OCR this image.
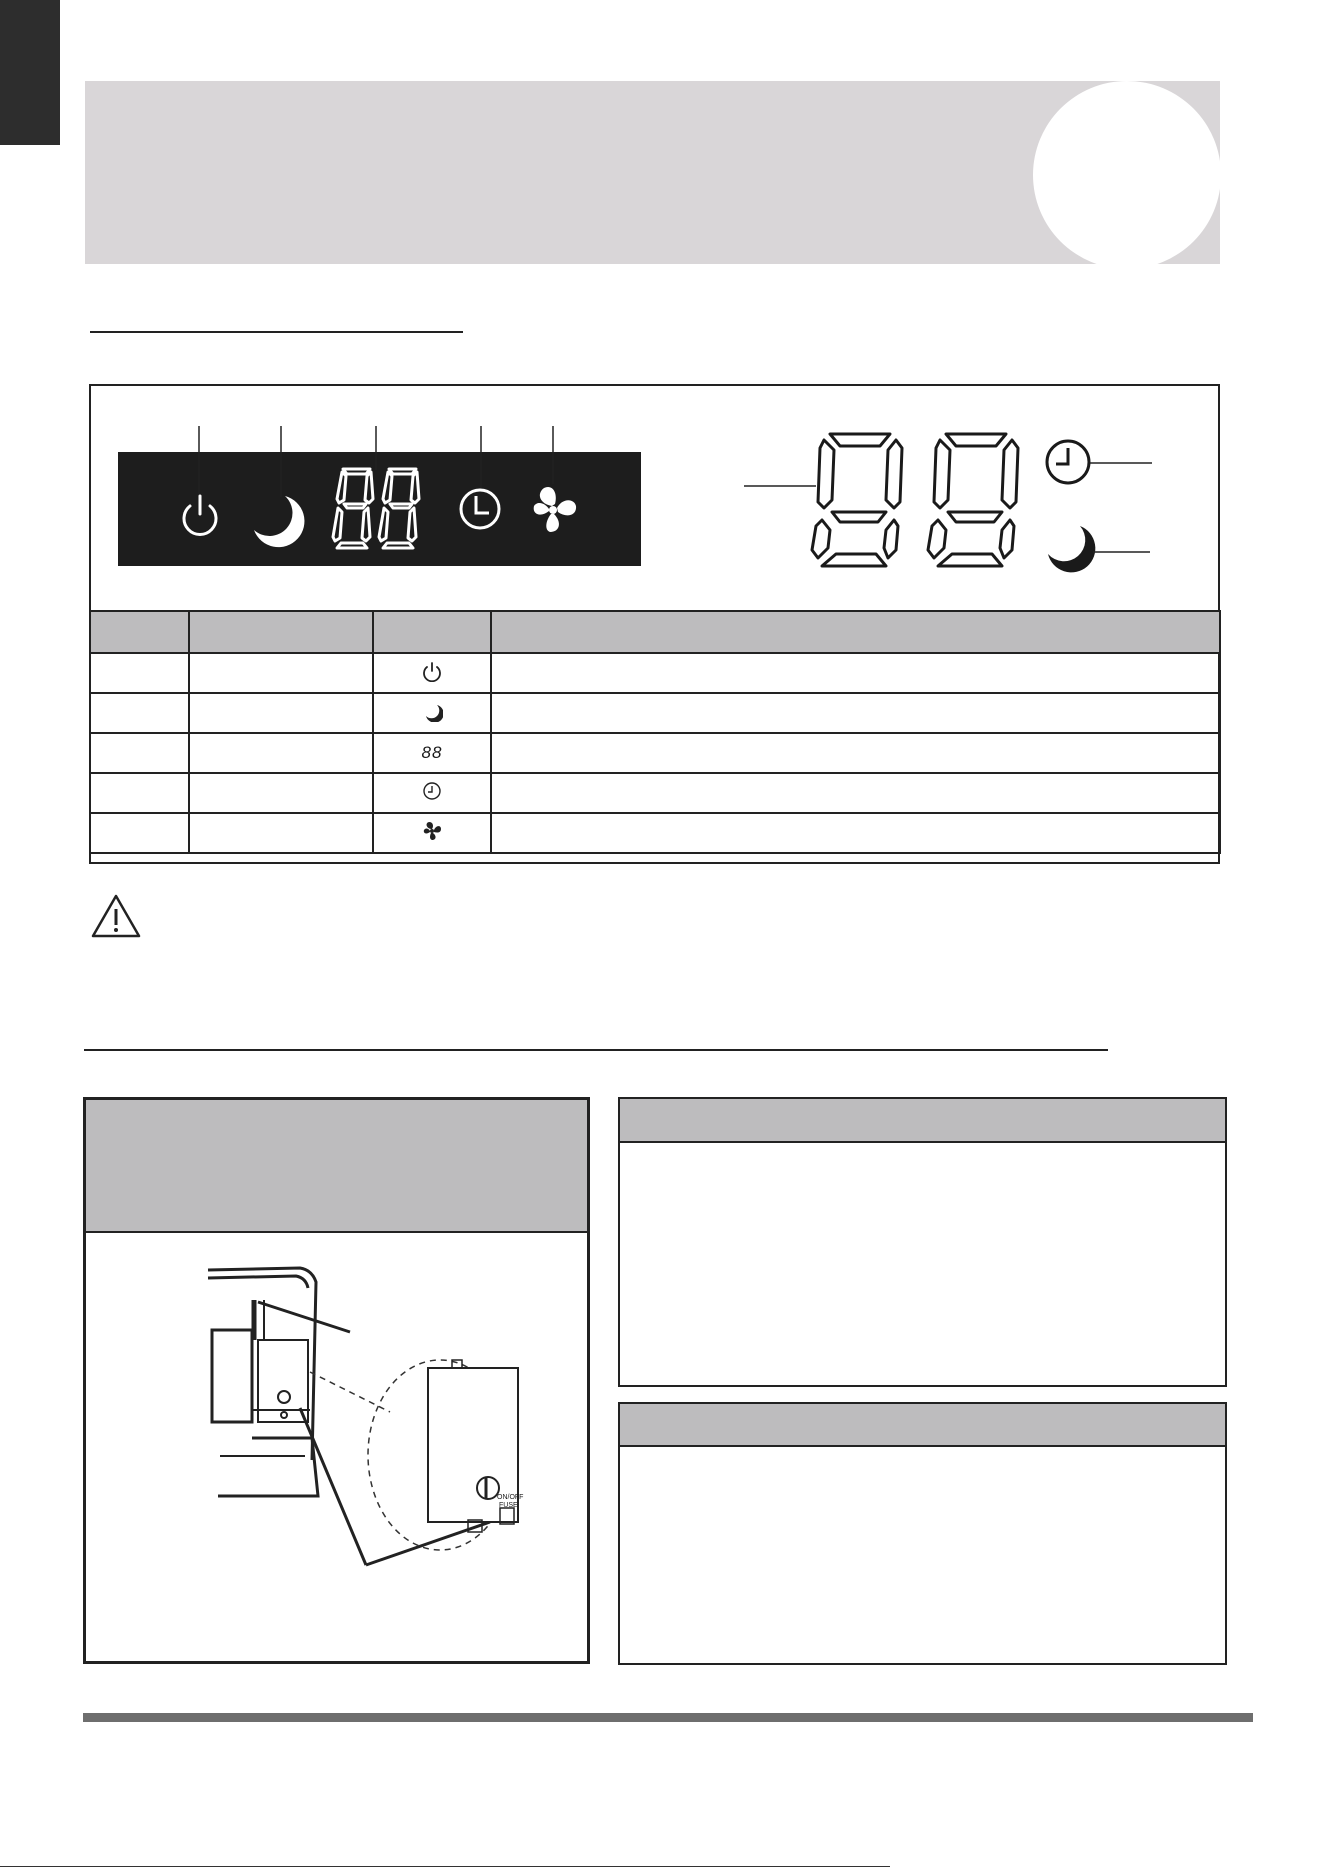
		88	

ON/OFF
FUSE
